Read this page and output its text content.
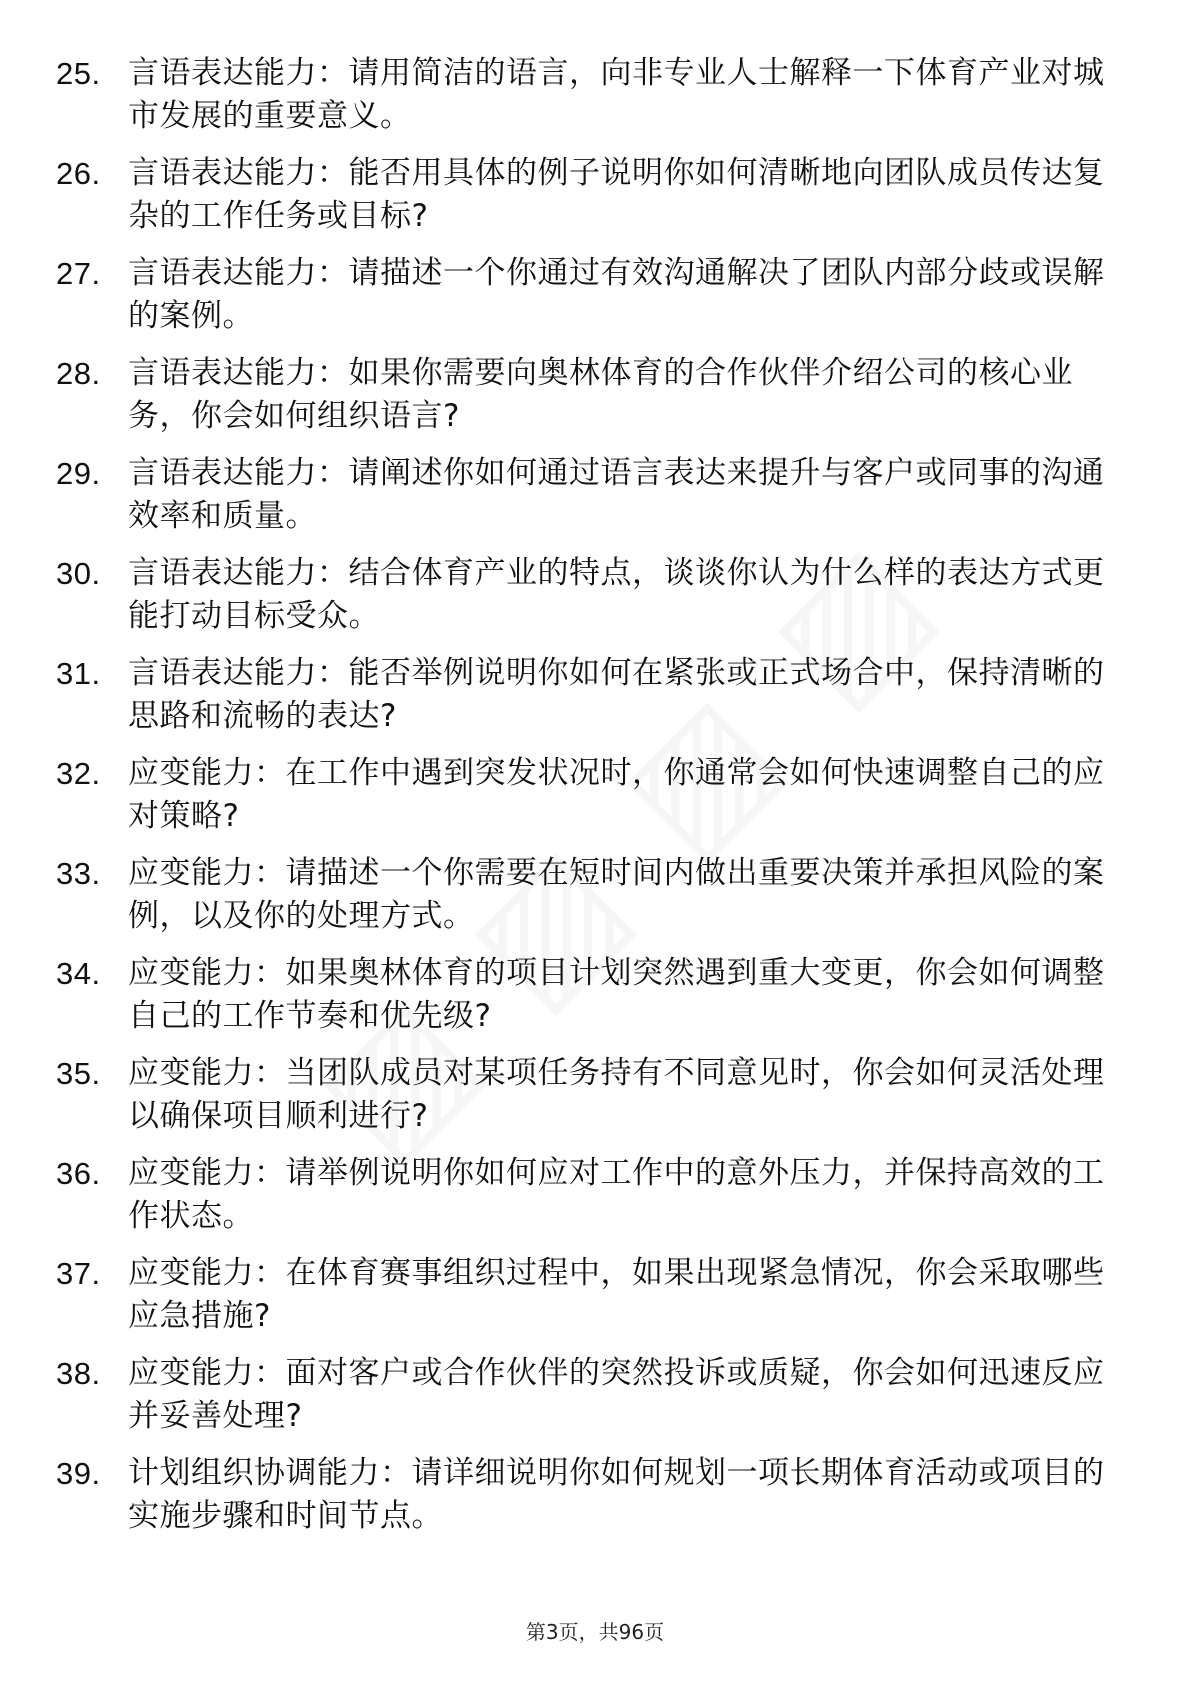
25. 言语表达能力：请用简洁的语言，向非专业人士解释一下体育产业对城市发展的重要意义。
26. 言语表达能力：能否用具体的例子说明你如何清晰地向团队成员传达复杂的工作任务或目标?
27. 言语表达能力：请描述一个你通过有效沟通解决了团队内部分歧或误解的案例。
28. 言语表达能力：如果你需要向奥林体育的合作伙伴介绍公司的核心业务，你会如何组织语言?
29. 言语表达能力：请阐述你如何通过语言表达来提升与客户或同事的沟通效率和质量。
30. 言语表达能力：结合体育产业的特点，谈谈你认为什么样的表达方式更能打动目标受众。
31. 言语表达能力：能否举例说明你如何在紧张或正式场合中，保持清晰的思路和流畅的表达?
32. 应变能力：在工作中遇到突发状况时，你通常会如何快速调整自己的应对策略?
33. 应变能力：请描述一个你需要在短时间内做出重要决策并承担风险的案例，以及你的处理方式。
34. 应变能力：如果奥林体育的项目计划突然遇到重大变更，你会如何调整自己的工作节奏和优先级?
35. 应变能力：当团队成员对某项任务持有不同意见时，你会如何灵活处理以确保项目顺利进行?
36. 应变能力：请举例说明你如何应对工作中的意外压力，并保持高效的工作状态。
37. 应变能力：在体育赛事组织过程中，如果出现紧急情况，你会采取哪些应急措施?
38. 应变能力：面对客户或合作伙伴的突然投诉或质疑，你会如何迅速反应并妥善处理?
39. 计划组织协调能力：请详细说明你如何规划一项长期体育活动或项目的实施步骤和时间节点。
第3页，共96页
